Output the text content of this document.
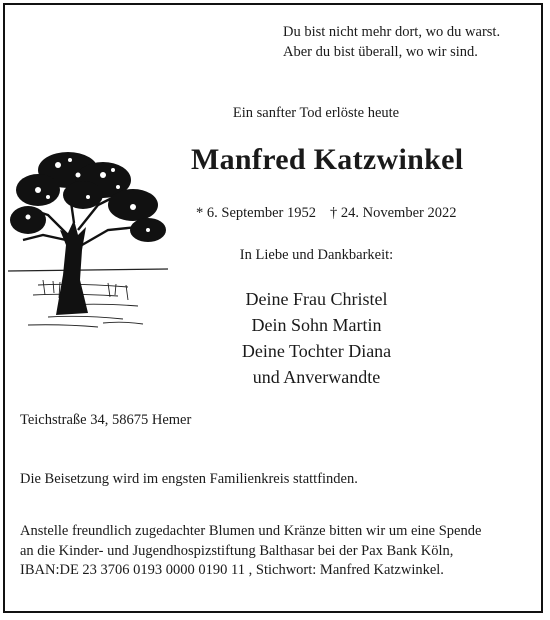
Du bist nicht mehr dort, wo du warst.
Aber du bist überall, wo wir sind.
Ein sanfter Tod erlöste heute
Manfred Katzwinkel
* 6. September 1952 † 24. November 2022
In Liebe und Dankbarkeit:
Deine Frau Christel
Dein Sohn Martin
Deine Tochter Diana
und Anverwandte
Teichstraße 34, 58675 Hemer
Die Beisetzung wird im engsten Familienkreis stattfinden.
Anstelle freundlich zugedachter Blumen und Kränze bitten wir um eine Spende
an die Kinder- und Jugendhospizstiftung Balthasar bei der Pax Bank Köln,
IBAN:DE 23 3706 0193 0000 0190 11 , Stichwort: Manfred Katzwinkel.
